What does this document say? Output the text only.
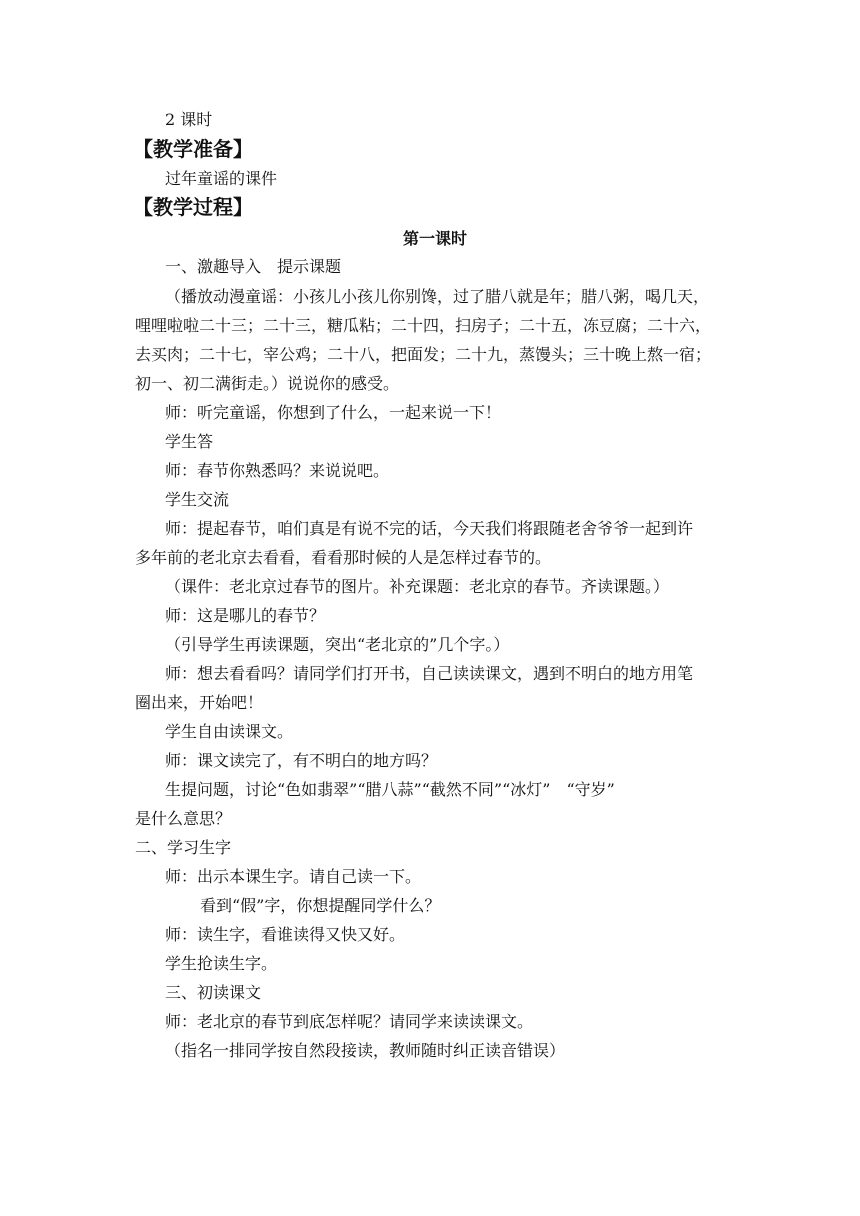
2 课时
【教学准备】
过年童谣的课件
【教学过程】
第一课时
一、激趣导入　提示课题
（播放动漫童谣：小孩儿小孩儿你别馋，过了腊八就是年；腊八粥，喝几天，
哩哩啦啦二十三；二十三，糖瓜粘；二十四，扫房子；二十五，冻豆腐；二十六，
去买肉；二十七，宰公鸡；二十八，把面发；二十九，蒸馒头；三十晚上熬一宿；
初一、初二满街走。）说说你的感受。
师：听完童谣，你想到了什么，一起来说一下！
学生答
师：春节你熟悉吗？来说说吧。
学生交流
师：提起春节，咱们真是有说不完的话，今天我们将跟随老舍爷爷一起到许
多年前的老北京去看看，看看那时候的人是怎样过春节的。
（课件：老北京过春节的图片。补充课题：老北京的春节。齐读课题。）
师：这是哪儿的春节？
（引导学生再读课题，突出“老北京的”几个字。）
师：想去看看吗？请同学们打开书，自己读读课文，遇到不明白的地方用笔
圈出来，开始吧！
学生自由读课文。
师：课文读完了，有不明白的地方吗？
生提问题，讨论“色如翡翠”“腊八蒜”“截然不同”“冰灯”　“守岁”
是什么意思？
二、学习生字
师：出示本课生字。请自己读一下。
看到“假”字，你想提醒同学什么？
师：读生字，看谁读得又快又好。
学生抢读生字。
三、初读课文
师：老北京的春节到底怎样呢？请同学来读读课文。
（指名一排同学按自然段接读，教师随时纠正读音错误）
